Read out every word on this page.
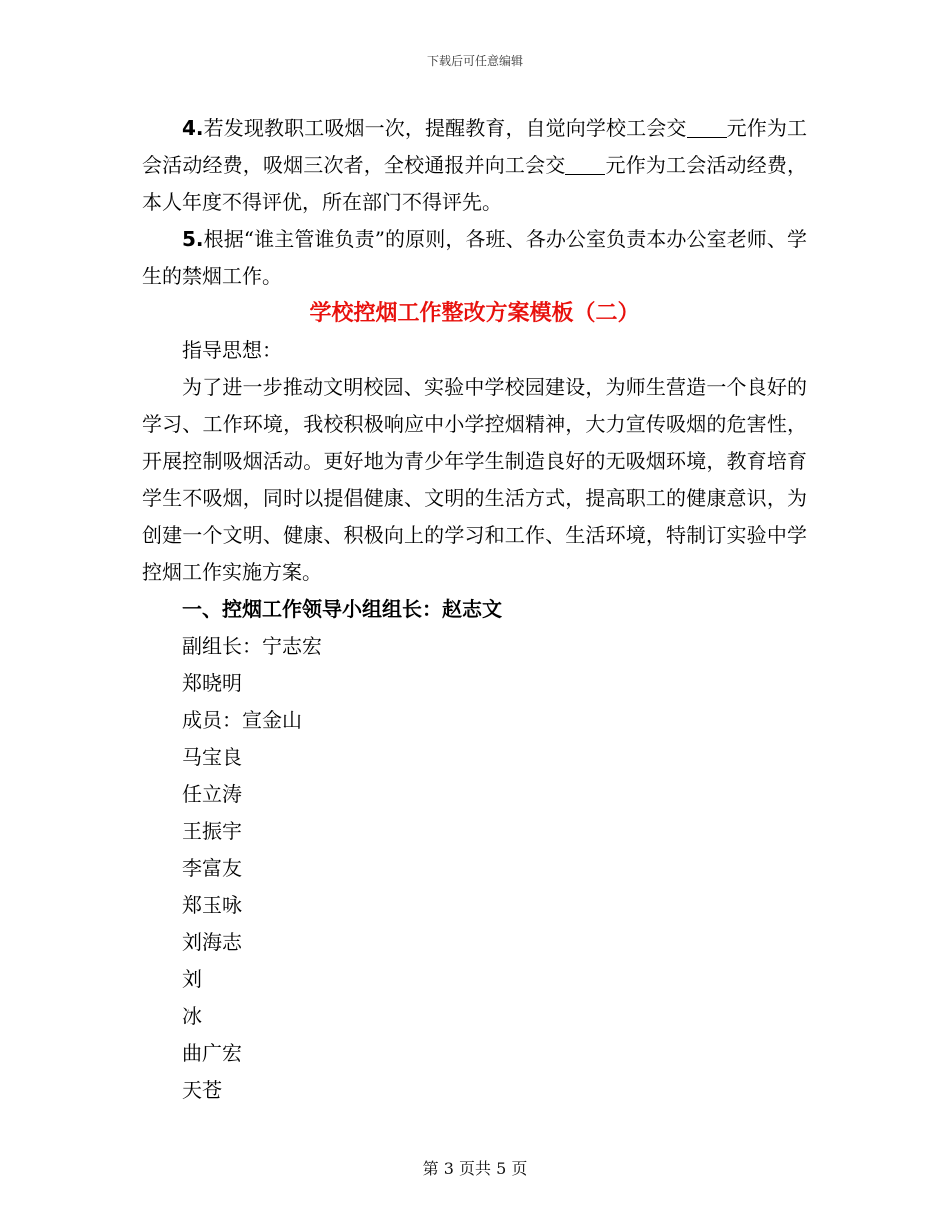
下载后可任意编辑

4.若发现教职工吸烟一次，提醒教育，自觉向学校工会交 元作为工会活动经费，吸烟三次者，全校通报并向工会交 元作为工会活动经费，本人年度不得评优，所在部门不得评先。

5.根据“谁主管谁负责”的原则，各班、各办公室负责本办公室老师、学生的禁烟工作。

学校控烟工作整改方案模板（二）

指导思想：

为了进一步推动文明校园、实验中学校园建设，为师生营造一个良好的学习、工作环境，我校积极响应中小学控烟精神，大力宣传吸烟的危害性，开展控制吸烟活动。更好地为青少年学生制造良好的无吸烟环境，教育培育学生不吸烟，同时以提倡健康、文明的生活方式，提高职工的健康意识，为创建一个文明、健康、积极向上的学习和工作、生活环境，特制订实验中学控烟工作实施方案。

一、控烟工作领导小组组长：赵志文

副组长：宁志宏

郑晓明

成员：宣金山

马宝良

任立涛

王振宇

李富友

郑玉咏

刘海志

刘

冰

曲广宏

天苍

第 3 页共 5 页
